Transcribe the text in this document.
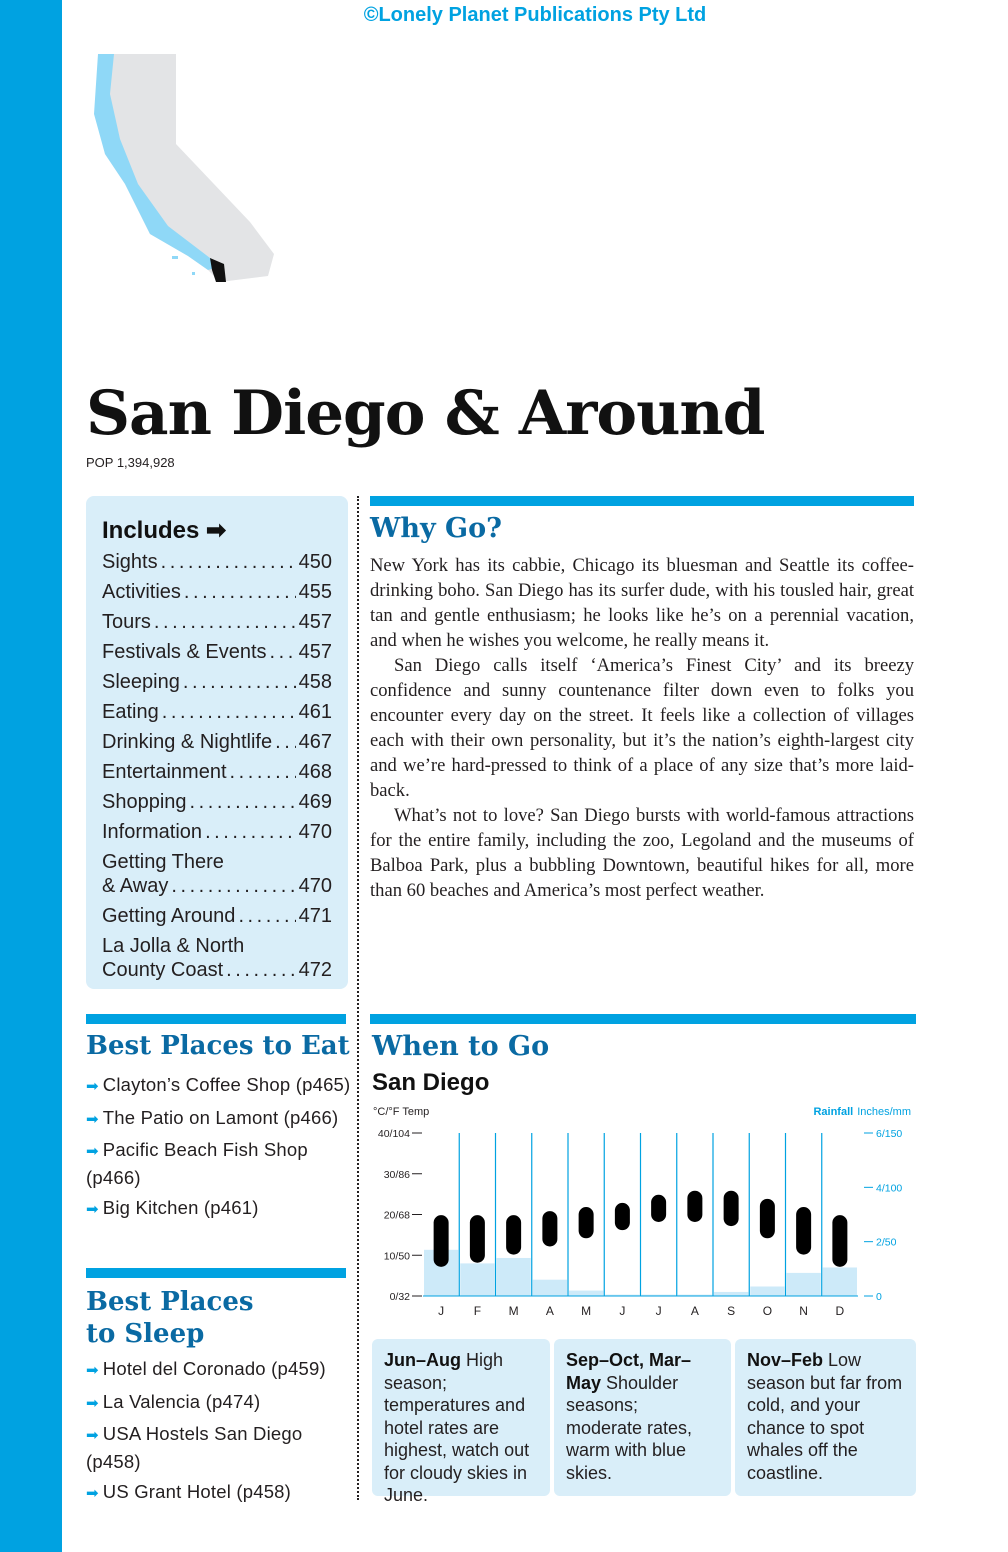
©Lonely Planet Publications Pty Ltd
San Diego & Around
POP 1,394,928
Includes ➡
Sights . . .	450
Activities . . .	455
Tours . . .	457
Festivals & Events . . . 457
Sleeping . . .	458
Eating . . .	461
Drinking & Nightlife . . . 467
Entertainment . . .	468
Shopping . . .	469
Information . . .	470
Getting There
& Away . . .	470
Getting Around . . .	471
La Jolla & North
County Coast . . .	472
Why Go?

New York has its cabbie, Chicago its bluesman and Seattle its coffee-drinking boho. San Diego has its surfer dude, with his tousled hair, great tan and gentle enthusiasm; he looks like he’s on a perennial vacation, and when he wishes you welcome, he really means it.

San Diego calls itself ‘America’s Finest City’ and its breezy confidence and sunny countenance filter down even to folks you encounter every day on the street. It feels like a collection of villages each with their own personality, but it’s the nation’s eighth-largest city and we’re hard-pressed to think of a place of any size that’s more laid-back.

What’s not to love? San Diego bursts with world-famous attractions for the entire family, including the zoo, Legoland and the museums of Balboa Park, plus a bubbling Downtown, beautiful hikes for all, more than 60 beaches and America’s most perfect weather.

Best Places to Eat
➡ Clayton’s Coffee Shop (p465)
➡ The Patio on Lamont (p466)
➡ Pacific Beach Fish Shop (p466)
➡ Big Kitchen (p461)
Best Places
to Sleep
➡ Hotel del Coronado (p459)
➡ La Valencia (p474)
➡ USA Hostels San Diego (p458)
➡ US Grant Hotel (p458)
When to Go
San Diego
°C/°F Temp	Rainfall Inches/mm
0/32
10/50
20/68
30/86
40/104
0
2/50
4/100
6/150
J F M A M J	J A S O N D
Jun–Aug High season; temperatures and hotel rates are highest, watch out for cloudy skies in June.
Sep–Oct, Mar–May Shoulder seasons; moderate rates, warm with blue skies.
Nov–Feb Low season but far from cold, and your chance to spot whales off the coastline.
